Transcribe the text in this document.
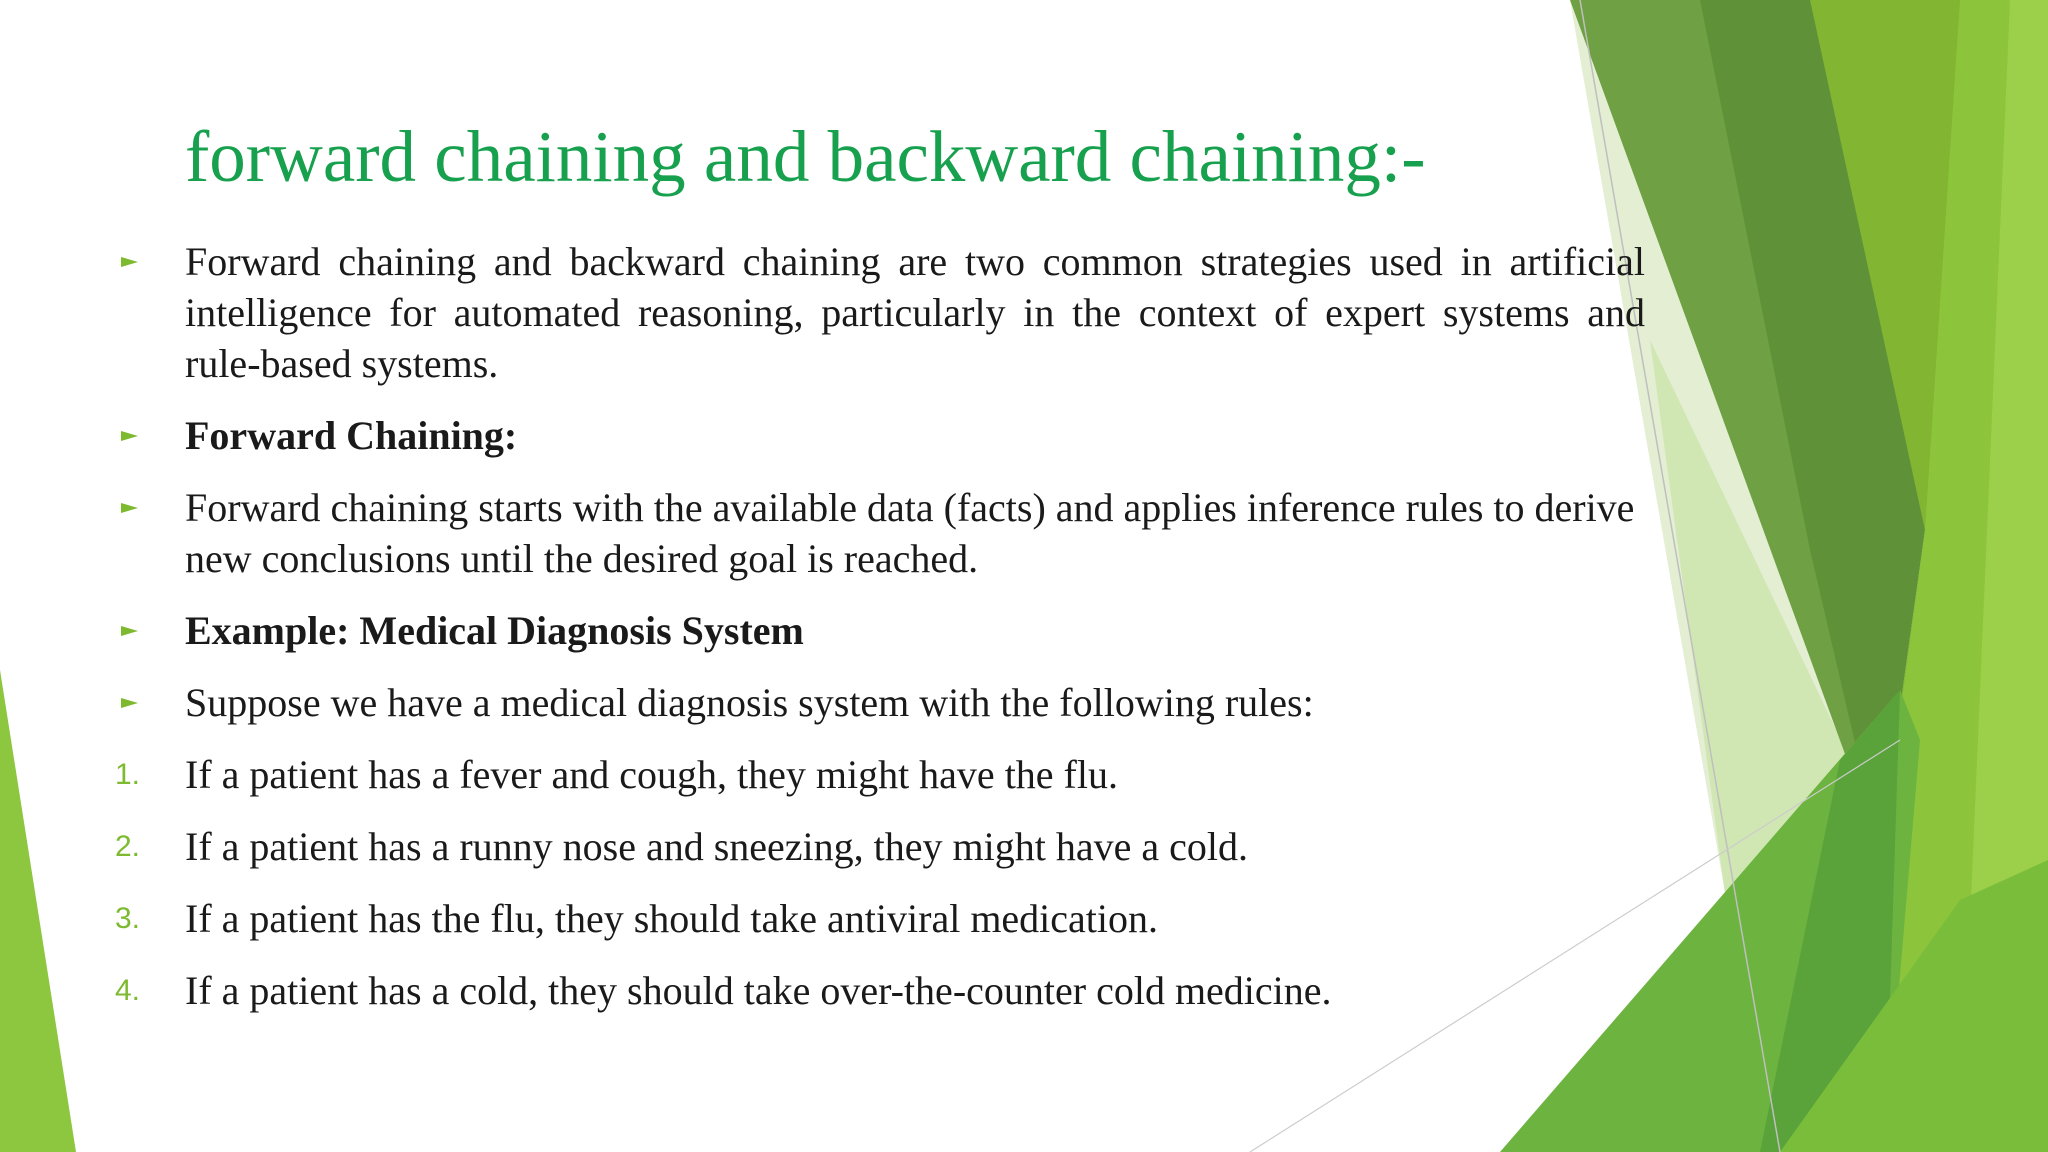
forward chaining and backward chaining:-
Forward chaining and backward chaining are two common strategies used in artificial intelligence for automated reasoning, particularly in the context of expert systems and rule-based systems.
Forward Chaining:
Forward chaining starts with the available data (facts) and applies inference rules to derive new conclusions until the desired goal is reached.
Example: Medical Diagnosis System
Suppose we have a medical diagnosis system with the following rules:
1. If a patient has a fever and cough, they might have the flu.
2. If a patient has a runny nose and sneezing, they might have a cold.
3. If a patient has the flu, they should take antiviral medication.
4. If a patient has a cold, they should take over-the-counter cold medicine.
